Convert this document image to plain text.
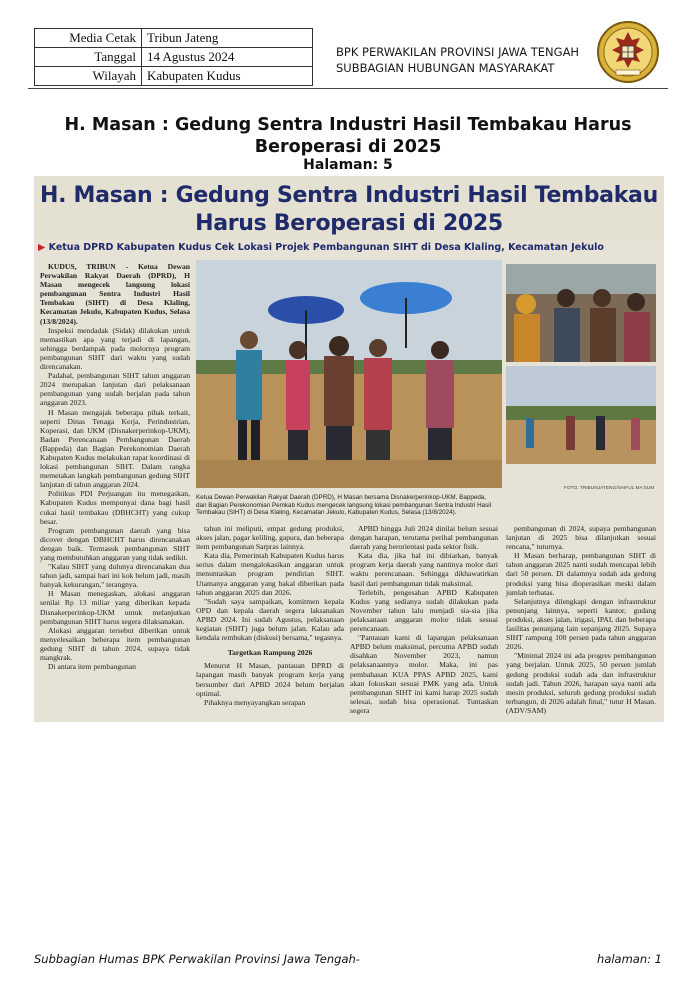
Media Cetak	Tribun Jateng
Tanggal	14 Agustus 2024
Wilayah	Kabupaten Kudus
BPK PERWAKILAN PROVINSI JAWA TENGAH
SUBBAGIAN HUBUNGAN MASYARAKAT
H. Masan : Gedung Sentra Industri Hasil Tembakau Harus Beroperasi di 2025
Halaman: 5
H. Masan : Gedung Sentra Industri Hasil Tembakau
Harus Beroperasi di 2025
▶ Ketua DPRD Kabupaten Kudus Cek Lokasi Projek Pembangunan SIHT di Desa Klaling, Kecamatan Jekulo
FOTO: TRIBUNJATENG/SAIFUL MA'SUM
Ketua Dewan Perwakilan Rakyat Daerah (DPRD), H Masan bersama Disnakerperinkop-UKM, Bappeda, dan Bagian Perekonomian Pemkab Kudus mengecek langsung lokasi pembangunan Sentra Industri Hasil Tembakau (SIHT) di Desa Klaling, Kecamatan Jekulo, Kabupaten Kudus, Selasa (13/8/2024).

KUDUS, TRIBUN - Ketua Dewan Perwakilan Rakyat Daerah (DPRD), H Masan mengecek langsung lokasi pembangunan Sentra Industri Hasil Tembakau (SIHT) di Desa Klaling, Kecamatan Jekulo, Kabupaten Kudus, Selasa (13/8/2024).

Inspeksi mendadak (Sidak) dilakukan untuk memastikan apa yang terjadi di lapangan, sehingga berdampak pada molornya program pembangunan SIHT dari waktu yang sudah direncanakan.

Padahal, pembangunan SIHT tahun anggaran 2024 merupakan lanjutan dari pelaksanaan pembangunan yang sudah berjalan pada tahun anggaran 2023.

H Masan mengajak beberapa pihak terkait, seperti Dinas Tenaga Kerja, Perindustrian, Koperasi, dan UKM (Disnakerperinkop-UKM), Badan Perencanaan Pembangunan Daerah (Bappeda) dan Bagian Perekonomian Daerah Kabupaten Kudus melakukan rapat koordinasi di lokasi pembangunan SIHT. Dalam rangka memetakan langkah pembangunan gedung SIHT lanjutan di tahun anggaran 2024.

Politikus PDI Perjuangan itu menegaskan, Kabupaten Kudus mempunyai dana bagi hasil cukai hasil tembakau (DBHCHT) yang cukup besar.

Program pembangunan daerah yang bisa dicover dengan DBHCHT harus direncanakan dengan baik. Termasuk pembangunan SIHT yang membutuhkan anggaran yang tidak sedikit.

"Kalau SIHT yang dulunya direncanakan dua tahun jadi, sampai hari ini kok belum jadi, masih banyak kekurangan," terangnya.

H Masan menegaskan, alokasi anggaran senilai Rp 13 miliar yang diberikan kepada Disnakerperinkop-UKM untuk melanjutkan pembangunan SIHT harus segera dilaksanakan.

Alokasi anggaran tersebut diberikan untuk menyelesaikan beberapa item pembangunan gedung SIHT di tahun 2024, supaya tidak mangkrak.

Di antara item pembangunan

tahun ini meliputi, empat gedung produksi, akses jalan, pagar keliling, gapura, dan beberapa item pembangunan Sarpras lainnya.

Kata dia, Pemerintah Kabupaten Kudus harus serius dalam mengalokasikan anggaran untuk menuntaskan program pendirian SIHT. Utamanya anggaran yang bakal diberikan pada tahun anggaran 2025 dan 2026.

"Sudah saya sampaikan, komitmen kepala OPD dan kepala daerah segera laksanakan APBD 2024. Ini sudah Agustus, pelaksanaan kegiatan (SIHT) juga belum jalan. Kalau ada kendala rembukan (diskusi) bersama," tegasnya.

Targetkan Rampung 2026

Menurut H Masan, pantauan DPRD di lapangan masih banyak program kerja yang bersumber dari APBD 2024 belum berjalan optimal.

Pihaknya menyayangkan serapan

APBD hingga Juli 2024 dinilai belum sesuai dengan harapan, terutama perihal pembangunan daerah yang berorientasi pada sektor fisik.

Kata dia, jika hal ini dibiarkan, banyak program kerja daerah yang nantinya molor dari waktu perencanaan. Sehingga dikhawatirkan hasil dari pembangunan tidak maksimal.

Terlebih, pengesahan APBD Kabupaten Kudus yang sedianya sudah dilakukan pada November tahun lalu menjadi sia-sia jika pelaksanaan anggaran molor tidak sesuai perencanaan.

"Pantauan kami di lapangan pelaksanaan APBD belum maksimal, percuma APBD sudah disahkan November 2023, namun pelaksanaannya molor. Maka, ini pas pembahasan KUA PPAS APBD 2025, kami akan fokuskan sesuai PMK yang ada. Untuk pembangunan SIHT ini kami harap 2025 sudah selesai, sudah bisa operasional. Tuntaskan segera

pembangunan di 2024, supaya pembangunan lanjutan di 2025 bisa dilanjutkan sesuai rencana," tuturnya.

H Masan berharap, pembangunan SIHT di tahun anggaran 2025 nanti sudah mencapai lebih dari 50 persen. Di dalamnya sudah ada gedung produksi yang bisa dioperasikan meski dalam jumlah terbatas.

Selanjutnya dilengkapi dengan infrastruktur penunjang lainnya, seperti kantor, gudang produksi, akses jalan, irigasi, IPAL dan beberapa fasilitas penunjang lain sepanjang 2025. Supaya SIHT rampung 100 persen pada tahun anggaran 2026.

"Minimal 2024 ini ada progres pembangunan yang berjalan. Untuk 2025, 50 persen jumlah gedung produksi sudah ada dan infrastruktur sudah jadi. Tahun 2026, harapan saya nanti ada mesin produksi, seluruh gedung produksi sudah terbangun, di 2026 adalah final," tutur H Masan. (ADV/SAM)

Subbagian Humas BPK Perwakilan Provinsi Jawa Tengah-	halaman: 1
